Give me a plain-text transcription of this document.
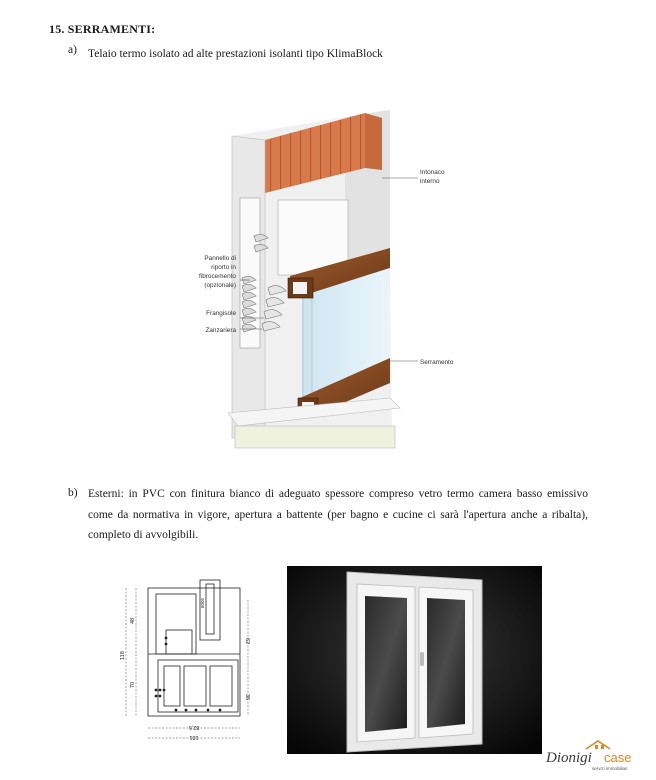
15. SERRAMENTI:
a) Telaio termo isolato ad alte prestazioni isolanti tipo KlimaBlock
Intonaco
interno
Pannello di
riporto in
fibrocemento
(opzionale)
Frangisole
Zanzariera
Serramento
b) Esterni: in PVC con finitura bianco di adeguato spessore compreso vetro termo camera basso emissivo come da normativa in vigore, apertura a battente (per bagno e cucine ci sarà l'apertura anche a ribalta), completo di avvolgibili.
118
48
70
62
36
82,5
101
6005
Dionigi case
servizi immobiliari
